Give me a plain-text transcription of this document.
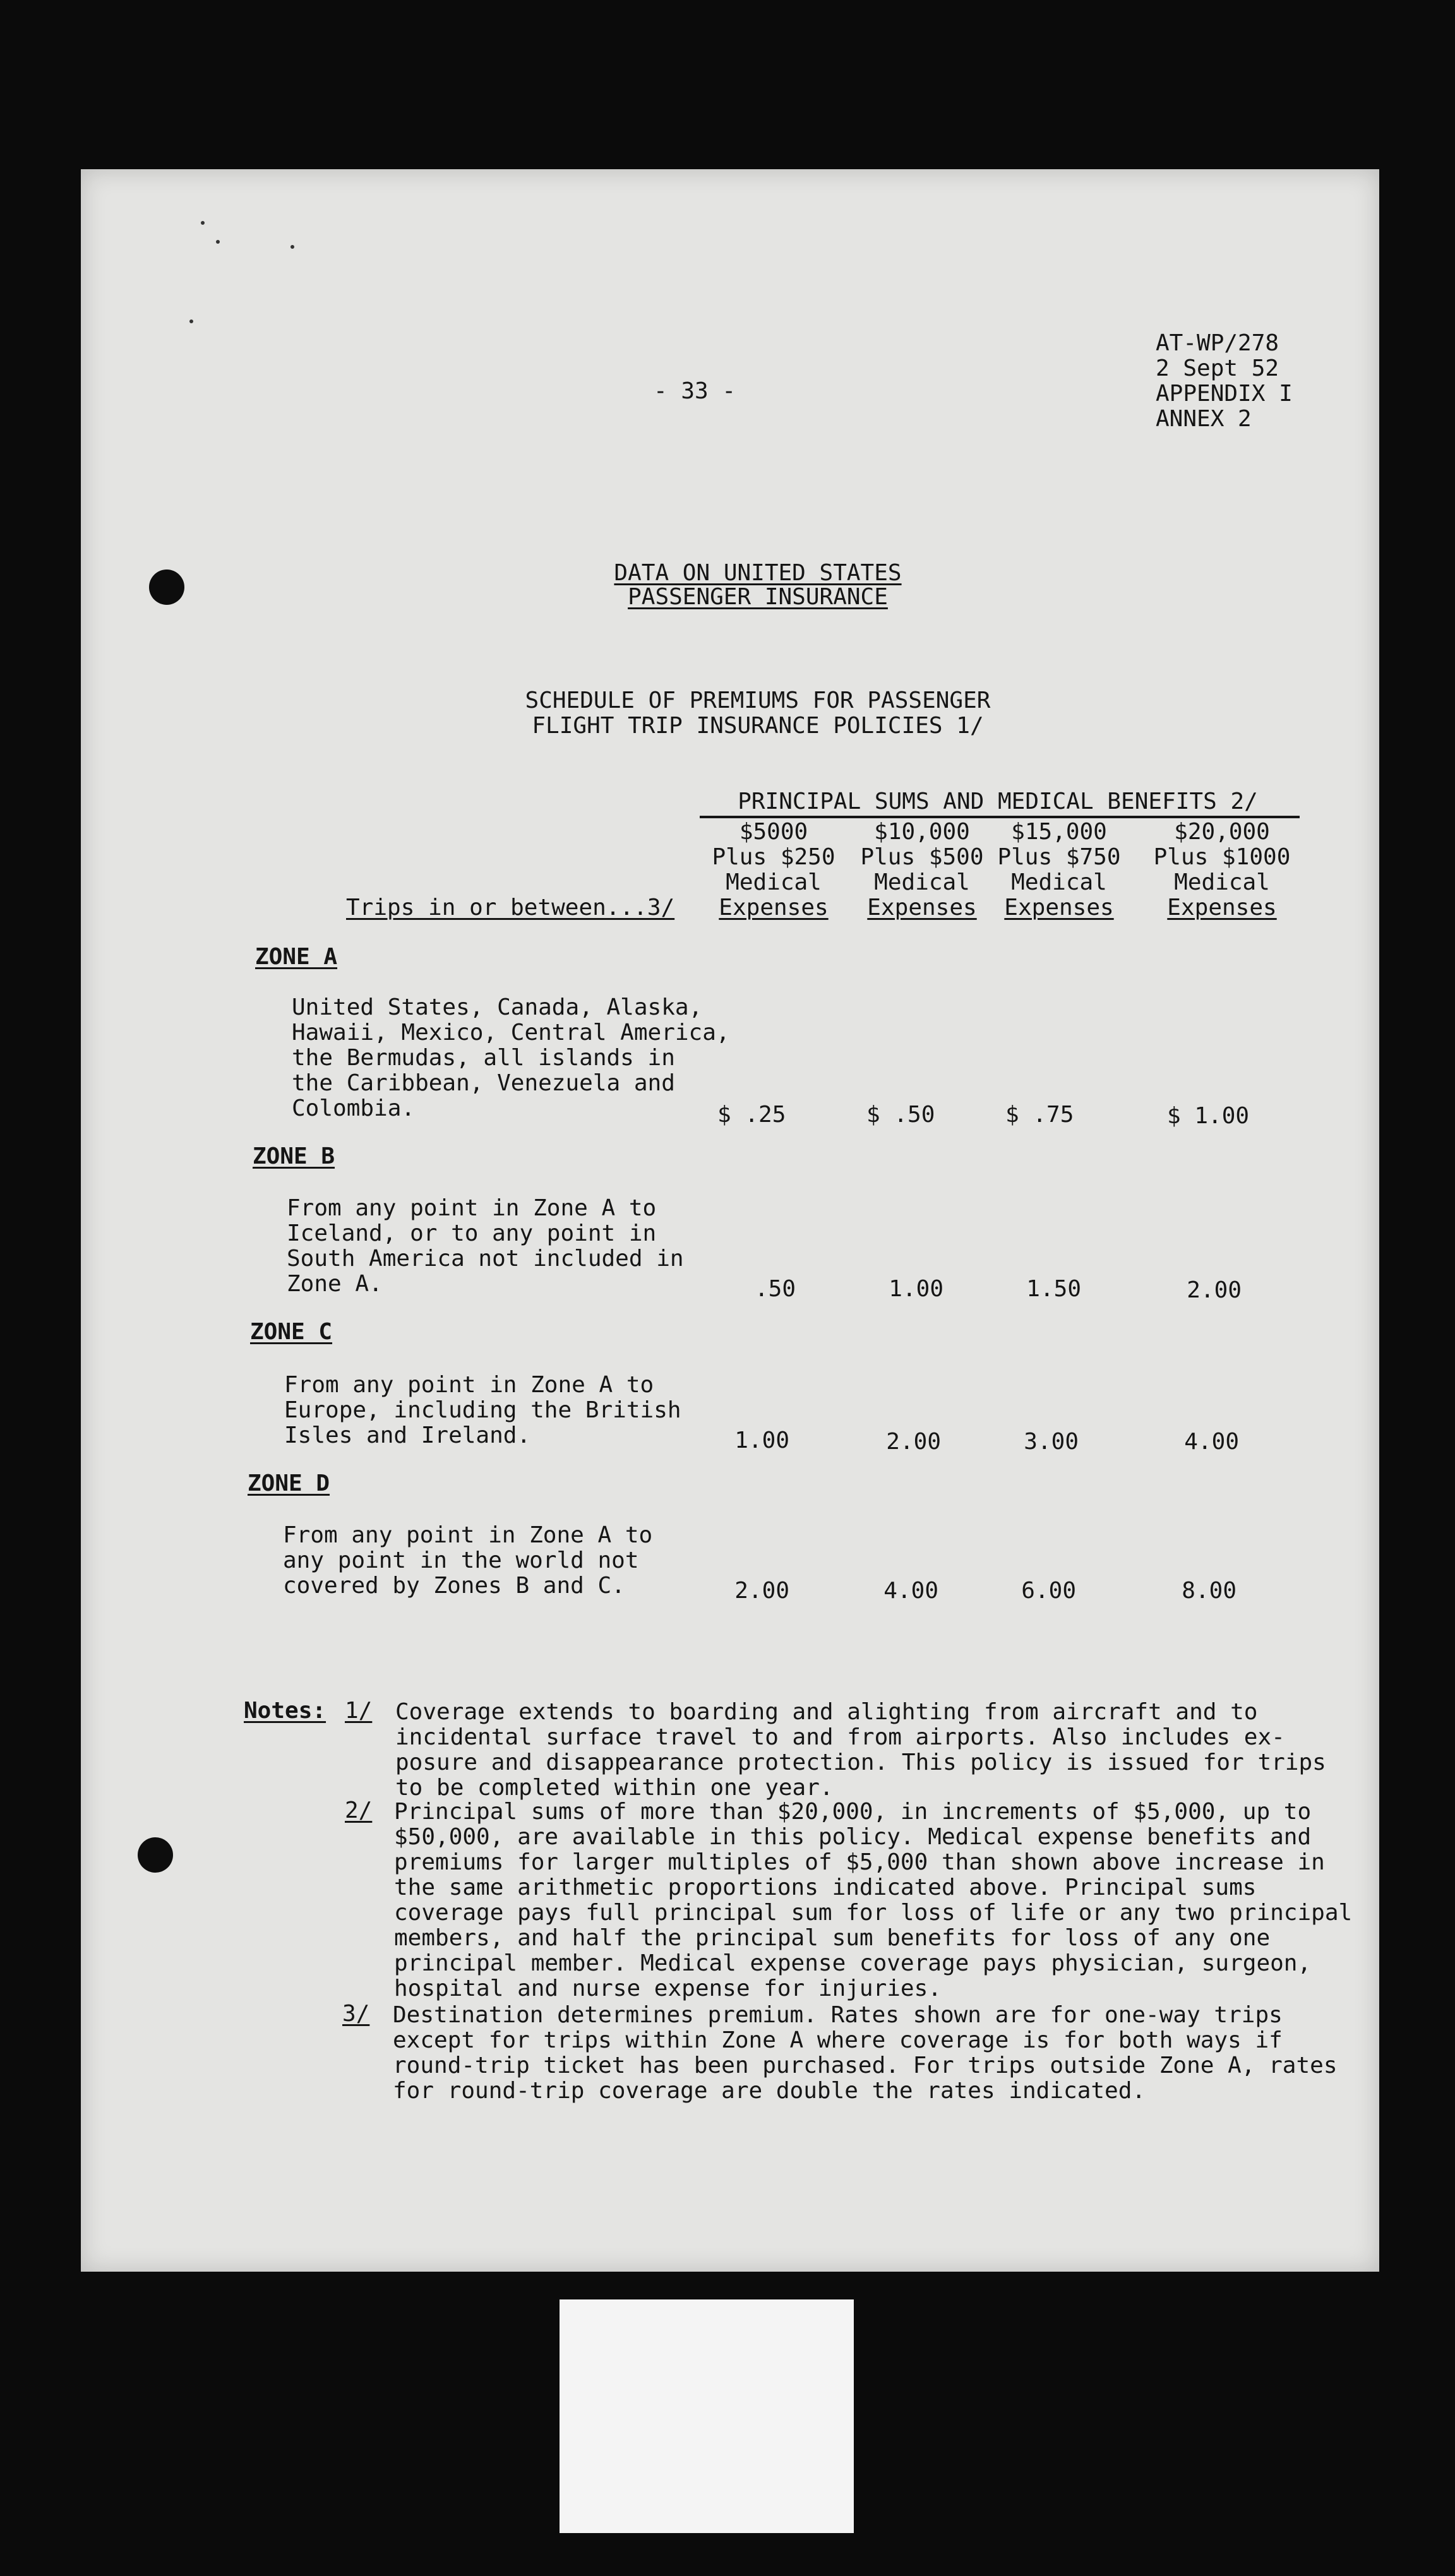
- 33 -
AT-WP/278
2 Sept 52
APPENDIX I
ANNEX 2
DATA ON UNITED STATES
PASSENGER INSURANCE
SCHEDULE OF PREMIUMS FOR PASSENGER
FLIGHT TRIP INSURANCE POLICIES 1/
PRINCIPAL SUMS AND MEDICAL BENEFITS 2/
Trips in or between...3/
$5000
Plus $250
Medical
Expenses
$10,000
Plus $500
Medical
Expenses
$15,000
Plus $750
Medical
Expenses
$20,000
Plus $1000
Medical
Expenses
ZONE A
United States, Canada, Alaska,
Hawaii, Mexico, Central America,
the Bermudas, all islands in
the Caribbean, Venezuela and
Colombia.	$ .25	$ .50	$ .75	$ 1.00
ZONE B
From any point in Zone A to
Iceland, or to any point in
South America not included in
Zone A.	.50	1.00	1.50	2.00
ZONE C
From any point in Zone A to
Europe, including the British
Isles and Ireland.	1.00	2.00	3.00	4.00
ZONE D
From any point in Zone A to
any point in the world not
covered by Zones B and C.	2.00	4.00	6.00	8.00
Notes: 1/ Coverage extends to boarding and alighting from aircraft and to
incidental surface travel to and from airports. Also includes ex-
posure and disappearance protection. This policy is issued for trips
to be completed within one year.
2/ Principal sums of more than $20,000, in increments of $5,000, up to
$50,000, are available in this policy. Medical expense benefits and
premiums for larger multiples of $5,000 than shown above increase in
the same arithmetic proportions indicated above. Principal sums
coverage pays full principal sum for loss of life or any two principal
members, and half the principal sum benefits for loss of any one
principal member. Medical expense coverage pays physician, surgeon,
hospital and nurse expense for injuries.
3/ Destination determines premium. Rates shown are for one-way trips
except for trips within Zone A where coverage is for both ways if
round-trip ticket has been purchased. For trips outside Zone A, rates
for round-trip coverage are double the rates indicated.
